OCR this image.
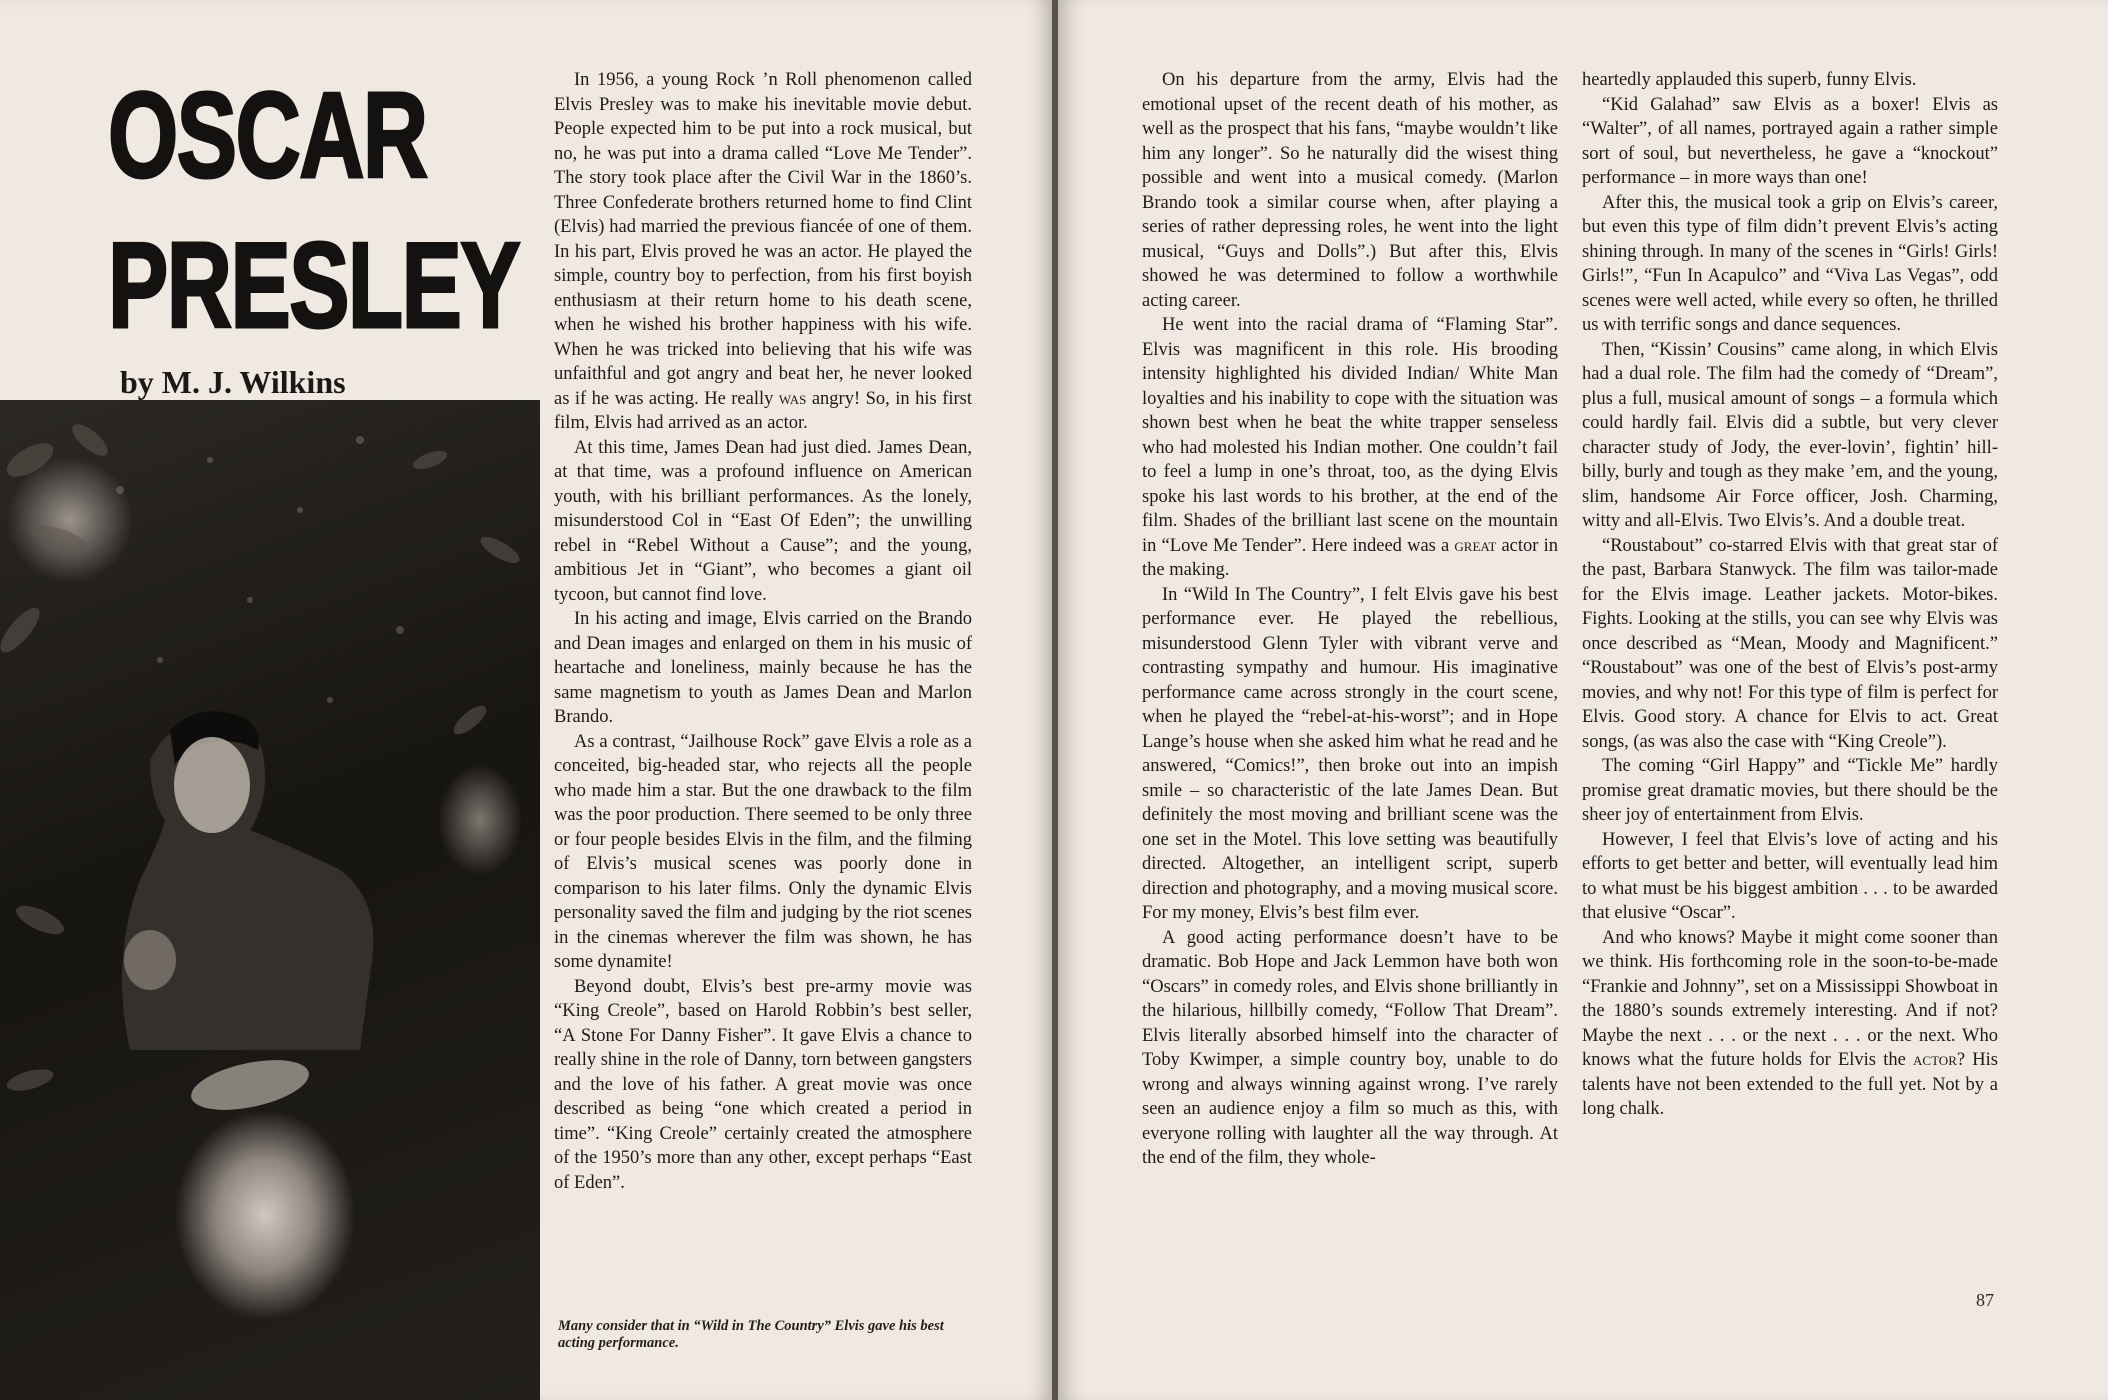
OSCAR
PRESLEY

by M. J. Wilkins

In 1956, a young Rock ’n Roll phenomenon called Elvis Presley was to make his inevitable movie debut. People expected him to be put into a rock musical, but no, he was put into a drama called “Love Me Tender”. The story took place after the Civil War in the 1860’s. Three Confederate brothers returned home to find Clint (Elvis) had married the previous fiancée of one of them. In his part, Elvis proved he was an actor. He played the simple, country boy to perfection, from his first boyish enthusiasm at their return home to his death scene, when he wished his brother happiness with his wife. When he was tricked into believing that his wife was unfaithful and got angry and beat her, he never looked as if he was acting. He really was angry! So, in his first film, Elvis had arrived as an actor.

At this time, James Dean had just died. James Dean, at that time, was a profound influence on American youth, with his brilliant performances. As the lonely, misunderstood Col in “East Of Eden”; the unwilling rebel in “Rebel Without a Cause”; and the young, ambitious Jet in “Giant”, who becomes a giant oil tycoon, but cannot find love.

In his acting and image, Elvis carried on the Brando and Dean images and enlarged on them in his music of heartache and loneliness, mainly because he has the same magnetism to youth as James Dean and Marlon Brando.

As a contrast, “Jailhouse Rock” gave Elvis a role as a conceited, big-headed star, who rejects all the people who made him a star. But the one drawback to the film was the poor production. There seemed to be only three or four people besides Elvis in the film, and the filming of Elvis’s musical scenes was poorly done in comparison to his later films. Only the dynamic Elvis personality saved the film and judging by the riot scenes in the cinemas wherever the film was shown, he has some dynamite!

Beyond doubt, Elvis’s best pre-army movie was “King Creole”, based on Harold Robbin’s best seller, “A Stone For Danny Fisher”. It gave Elvis a chance to really shine in the role of Danny, torn between gangsters and the love of his father. A great movie was once described as being “one which created a period in time”. “King Creole” certainly created the atmosphere of the 1950’s more than any other, except perhaps “East of Eden”.

Many consider that in “Wild in The Country” Elvis gave his best acting performance.

On his departure from the army, Elvis had the emotional upset of the recent death of his mother, as well as the prospect that his fans, “maybe wouldn’t like him any longer”. So he naturally did the wisest thing possible and went into a musical comedy. (Marlon Brando took a similar course when, after playing a series of rather depressing roles, he went into the light musical, “Guys and Dolls”.) But after this, Elvis showed he was determined to follow a worthwhile acting career.

He went into the racial drama of “Flaming Star”. Elvis was magnificent in this role. His brooding intensity highlighted his divided Indian/ White Man loyalties and his inability to cope with the situation was shown best when he beat the white trapper senseless who had molested his Indian mother. One couldn’t fail to feel a lump in one’s throat, too, as the dying Elvis spoke his last words to his brother, at the end of the film. Shades of the brilliant last scene on the mountain in “Love Me Tender”. Here indeed was a great actor in the making.

In “Wild In The Country”, I felt Elvis gave his best performance ever. He played the rebellious, misunderstood Glenn Tyler with vibrant verve and contrasting sympathy and humour. His imaginative performance came across strongly in the court scene, when he played the “rebel-at-his-worst”; and in Hope Lange’s house when she asked him what he read and he answered, “Comics!”, then broke out into an impish smile – so characteristic of the late James Dean. But definitely the most moving and brilliant scene was the one set in the Motel. This love setting was beautifully directed. Altogether, an intelligent script, superb direction and photography, and a moving musical score. For my money, Elvis’s best film ever.

A good acting performance doesn’t have to be dramatic. Bob Hope and Jack Lemmon have both won “Oscars” in comedy roles, and Elvis shone brilliantly in the hilarious, hillbilly comedy, “Follow That Dream”. Elvis literally absorbed himself into the character of Toby Kwimper, a simple country boy, unable to do wrong and always winning against wrong. I’ve rarely seen an audience enjoy a film so much as this, with everyone rolling with laughter all the way through. At the end of the film, they whole-

heartedly applauded this superb, funny Elvis.

“Kid Galahad” saw Elvis as a boxer! Elvis as “Walter”, of all names, portrayed again a rather simple sort of soul, but nevertheless, he gave a “knockout” performance – in more ways than one!

After this, the musical took a grip on Elvis’s career, but even this type of film didn’t prevent Elvis’s acting shining through. In many of the scenes in “Girls! Girls! Girls!”, “Fun In Acapulco” and “Viva Las Vegas”, odd scenes were well acted, while every so often, he thrilled us with terrific songs and dance sequences.

Then, “Kissin’ Cousins” came along, in which Elvis had a dual role. The film had the comedy of “Dream”, plus a full, musical amount of songs – a formula which could hardly fail. Elvis did a subtle, but very clever character study of Jody, the ever-lovin’, fightin’ hill-billy, burly and tough as they make ’em, and the young, slim, handsome Air Force officer, Josh. Charming, witty and all-Elvis. Two Elvis’s. And a double treat.

“Roustabout” co-starred Elvis with that great star of the past, Barbara Stanwyck. The film was tailor-made for the Elvis image. Leather jackets. Motor-bikes. Fights. Looking at the stills, you can see why Elvis was once described as “Mean, Moody and Magnificent.” “Roustabout” was one of the best of Elvis’s post-army movies, and why not! For this type of film is perfect for Elvis. Good story. A chance for Elvis to act. Great songs, (as was also the case with “King Creole”).

The coming “Girl Happy” and “Tickle Me” hardly promise great dramatic movies, but there should be the sheer joy of entertainment from Elvis.

However, I feel that Elvis’s love of acting and his efforts to get better and better, will eventually lead him to what must be his biggest ambition . . . to be awarded that elusive “Oscar”.

And who knows? Maybe it might come sooner than we think. His forthcoming role in the soon-to-be-made “Frankie and Johnny”, set on a Mississippi Showboat in the 1880’s sounds extremely interesting. And if not? Maybe the next . . . or the next . . . or the next. Who knows what the future holds for Elvis the actor? His talents have not been extended to the full yet. Not by a long chalk.

87
